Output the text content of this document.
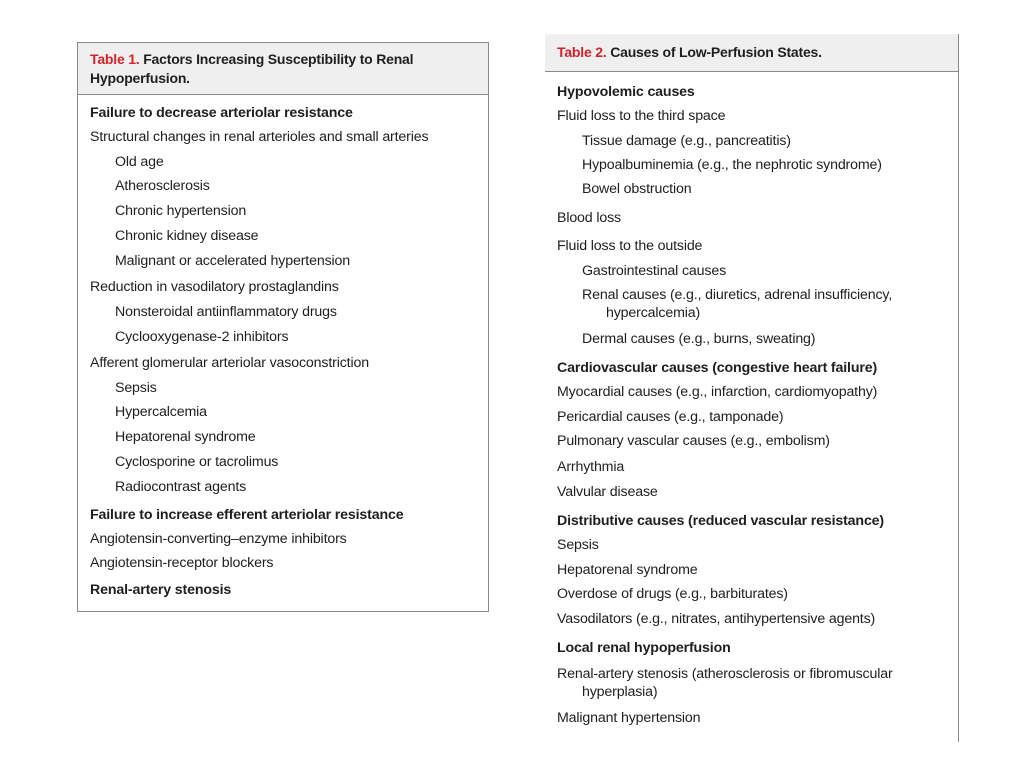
Table 1. Factors Increasing Susceptibility to Renal Hypoperfusion.
Failure to decrease arteriolar resistance
Structural changes in renal arterioles and small arteries
Old age
Atherosclerosis
Chronic hypertension
Chronic kidney disease
Malignant or accelerated hypertension
Reduction in vasodilatory prostaglandins
Nonsteroidal antiinflammatory drugs
Cyclooxygenase-2 inhibitors
Afferent glomerular arteriolar vasoconstriction
Sepsis
Hypercalcemia
Hepatorenal syndrome
Cyclosporine or tacrolimus
Radiocontrast agents
Failure to increase efferent arteriolar resistance
Angiotensin-converting–enzyme inhibitors
Angiotensin-receptor blockers
Renal-artery stenosis
Table 2. Causes of Low-Perfusion States.
Hypovolemic causes
Fluid loss to the third space
Tissue damage (e.g., pancreatitis)
Hypoalbuminemia (e.g., the nephrotic syndrome)
Bowel obstruction
Blood loss
Fluid loss to the outside
Gastrointestinal causes
Renal causes (e.g., diuretics, adrenal insufficiency,
hypercalcemia)
Dermal causes (e.g., burns, sweating)
Cardiovascular causes (congestive heart failure)
Myocardial causes (e.g., infarction, cardiomyopathy)
Pericardial causes (e.g., tamponade)
Pulmonary vascular causes (e.g., embolism)
Arrhythmia
Valvular disease
Distributive causes (reduced vascular resistance)
Sepsis
Hepatorenal syndrome
Overdose of drugs (e.g., barbiturates)
Vasodilators (e.g., nitrates, antihypertensive agents)
Local renal hypoperfusion
Renal-artery stenosis (atherosclerosis or fibromuscular
hyperplasia)
Malignant hypertension
